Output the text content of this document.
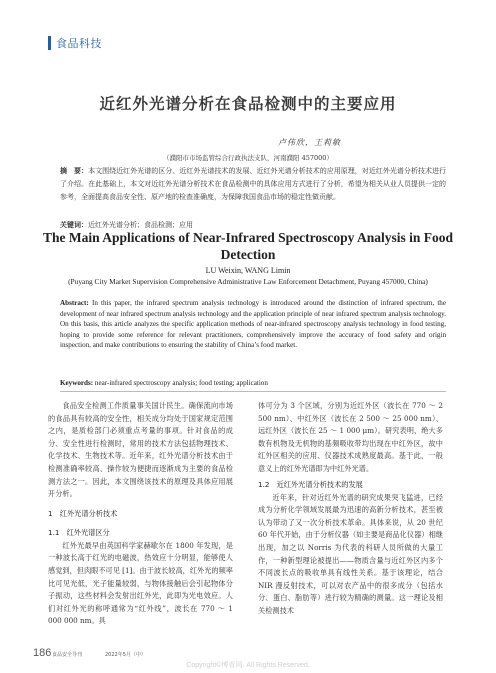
食品科技
近红外光谱分析在食品检测中的主要应用
卢伟欣，王莉敏
（濮阳市市场监管综合行政执法支队，河南濮阳 457000）
摘　要：本文围绕近红外光谱的区分、近红外光谱技术的发展、近红外光谱分析技术的应用原理，对近红外光谱分析技术进行了介绍。在此基础上，本文对近红外光谱分析技术在食品检测中的具体应用方式进行了分析，希望为相关从业人员提供一定的参考，全面提高食品安全性、原产地的检查准确度，为保障我国食品市场的稳定性做贡献。
关键词：近红外光谱分析；食品检测；应用
The Main Applications of Near-Infrared Spectroscopy Analysis in Food Detection
LU Weixin, WANG Limin
(Puyang City Market Supervision Comprehensive Administrative Law Enforcement Detachment, Puyang 457000, China)
Abstract: In this paper, the infrared spectrum analysis technology is introduced around the distinction of infrared spectrum, the development of near infrared spectrum analysis technology and the application principle of near infrared spectrum analysis technology. On this basis, this article analyzes the specific application methods of near-infrared spectroscopy analysis technology in food testing, hoping to provide some reference for relevant practitioners, comprehensively improve the accuracy of food safety and origin inspection, and make contributions to ensuring the stability of China’s food market.
Keywords: near-infrared spectroscopy analysis; food testing; application

食品安全检测工作质量事关国计民生。确保流向市场的食品具有较高的安全性，相关成分均处于国家规定范围之内，是质检部门必须重点考量的事项。针对食品的成分、安全性进行检测时，常用的技术方法包括物理技术、化学技术、生物技术等。近年来，红外光谱分析技术由于检测准确率较高、操作较为便捷而逐渐成为主要的食品检测方法之一。因此，本文围绕该技术的原理及具体应用展开分析。

1　红外光谱分析技术
1.1　红外光谱区分

红外光最早由英国科学家赫歇尔在 1800 年发现，是一种波长高于红光的电磁波，热效应十分明显，能够使人感觉到，但肉眼不可见 [1]。由于波长较高，红外光的频率比可见光低，光子能量较弱，与物体接触后会引起物体分子振动，这些材料会发射出红外光，此即为光电效应。人们对红外光的称呼通常为“红外线”，波长在 770 ～ 1 000 000 nm。具

体可分为 3 个区域，分别为近红外区（波长在 770 ～ 2 500 nm）、中红外区（波长在 2 500 ～ 25 000 nm）、远红外区（波长在 25 ～ 1 000 μm）。研究表明，绝大多数有机物及无机物的基频吸收带均出现在中红外区，故中红外区相关的应用、仪器技术成熟度最高。基于此，一般意义上的红外光谱即为中红外光谱。

1.2　近红外光谱分析技术的发展

近年来，针对近红外光谱的研究成果突飞猛进，已经成为分析化学领域发展最为迅速的高新分析技术，甚至被认为带动了又一次分析技术革命。具体来说，从 20 世纪 60 年代开始，由于分析仪器（如主要是商品化仪器）相继出现，加之以 Norris 为代表的科研人员所做的大量工作，一种新型理论被提出——物质含量与近红外区内多个不同波长点的吸收单具有线性关系。基于该理论，结合 NIR 漫反射技术，可以对农产品中的很多成分（包括水分、蛋白、脂肪等）进行较为精确的测量。这一理论及相关检测技术

186 食品安全导刊	2022年5月（中）
Copyright©博看网. All Rights Reserved.
